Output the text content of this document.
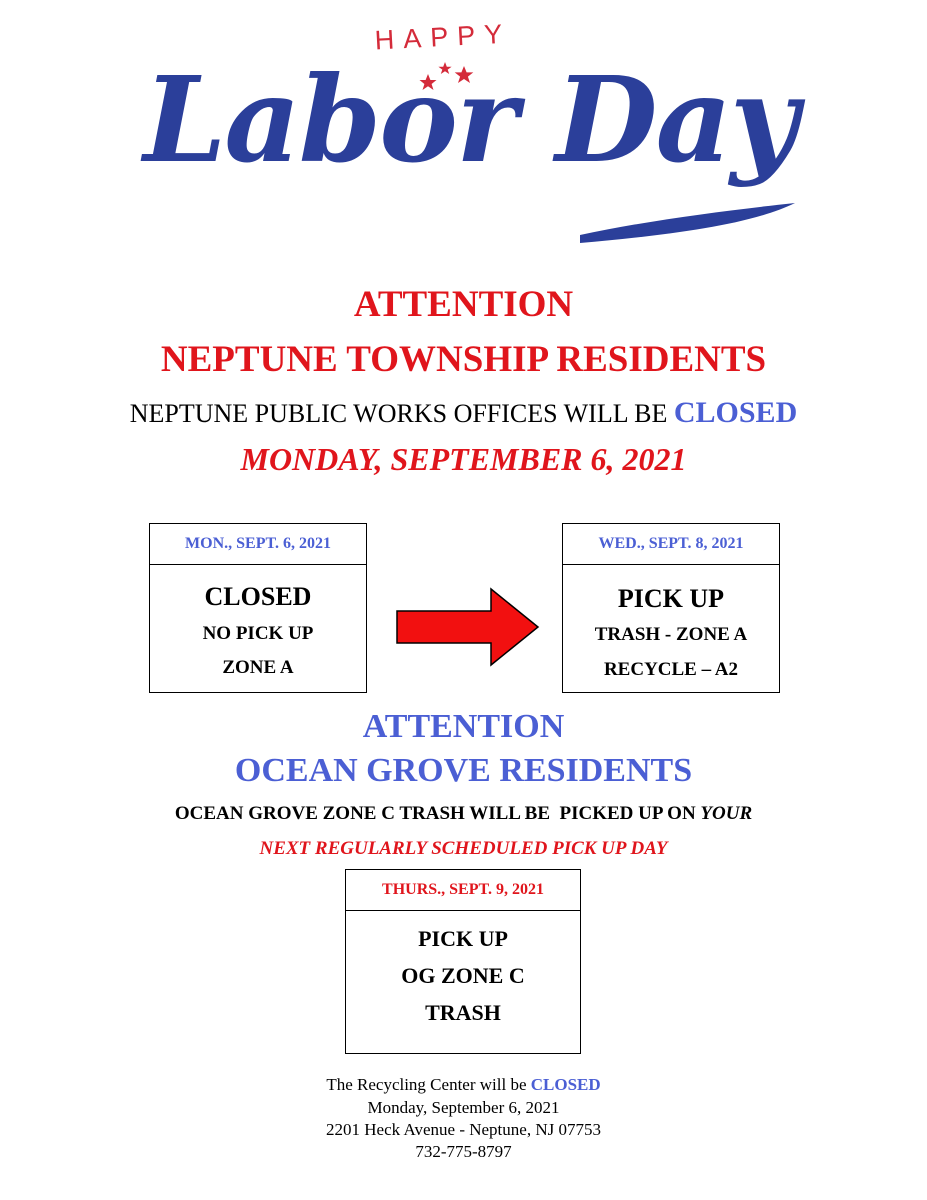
HAPPY
Labor Day
ATTENTION
NEPTUNE TOWNSHIP RESIDENTS
NEPTUNE PUBLIC WORKS OFFICES WILL BE CLOSED
MONDAY, SEPTEMBER 6, 2021
MON., SEPT. 6, 2021
CLOSED
NO PICK UP
ZONE A
WED., SEPT. 8, 2021
PICK UP
TRASH - ZONE A
RECYCLE – A2
ATTENTION
OCEAN GROVE RESIDENTS
OCEAN GROVE ZONE C TRASH WILL BE  PICKED UP ON YOUR
NEXT REGULARLY SCHEDULED PICK UP DAY
THURS., SEPT. 9, 2021
PICK UP
OG ZONE C
TRASH
The Recycling Center will be CLOSED
Monday, September 6, 2021
2201 Heck Avenue - Neptune, NJ 07753
732-775-8797
